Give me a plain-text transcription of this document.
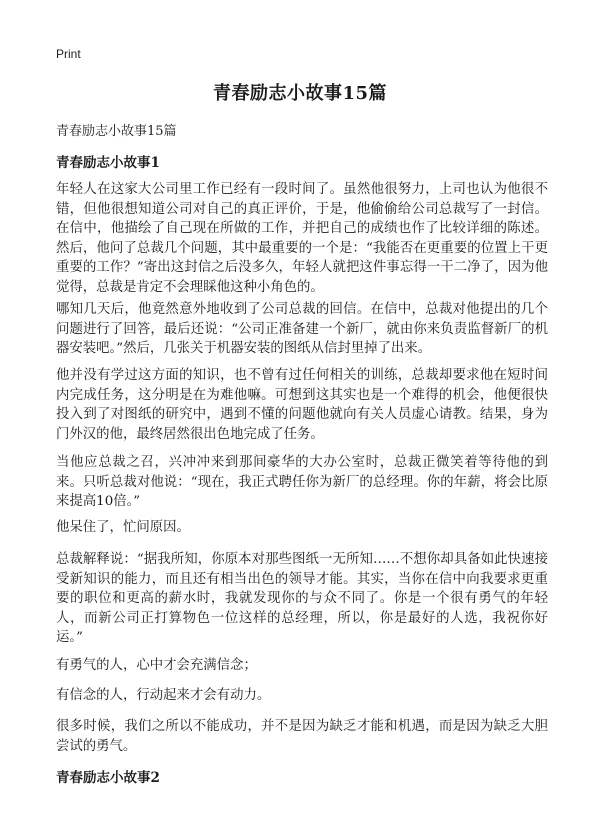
Print
青春励志小故事15篇

青春励志小故事15篇

青春励志小故事1

年轻人在这家大公司里工作已经有一段时间了。虽然他很努力，上司也认为他很不错，但他很想知道公司对自己的真正评价，于是，他偷偷给公司总裁写了一封信。在信中，他描绘了自己现在所做的工作，并把自己的成绩也作了比较详细的陈述。然后，他问了总裁几个问题，其中最重要的一个是：“我能否在更重要的位置上干更重要的工作？”寄出这封信之后没多久，年轻人就把这件事忘得一干二净了，因为他觉得，总裁是肯定不会理睬他这种小角色的。

哪知几天后，他竟然意外地收到了公司总裁的回信。在信中，总裁对他提出的几个问题进行了回答，最后还说：“公司正准备建一个新厂，就由你来负责监督新厂的机器安装吧。”然后，几张关于机器安装的图纸从信封里掉了出来。

他并没有学过这方面的知识，也不曾有过任何相关的训练，总裁却要求他在短时间内完成任务，这分明是在为难他嘛。可想到这其实也是一个难得的机会，他便很快投入到了对图纸的研究中，遇到不懂的问题他就向有关人员虚心请教。结果，身为门外汉的他，最终居然很出色地完成了任务。

当他应总裁之召，兴冲冲来到那间豪华的大办公室时，总裁正微笑着等待他的到来。只听总裁对他说：“现在，我正式聘任你为新厂的总经理。你的年薪，将会比原来提高10倍。”

他呆住了，忙问原因。

总裁解释说：“据我所知，你原本对那些图纸一无所知……不想你却具备如此快速接受新知识的能力，而且还有相当出色的领导才能。其实，当你在信中向我要求更重要的职位和更高的薪水时，我就发现你的与众不同了。你是一个很有勇气的年轻人，而新公司正打算物色一位这样的总经理，所以，你是最好的人选，我祝你好运。”

有勇气的人，心中才会充满信念；

有信念的人，行动起来才会有动力。

很多时候，我们之所以不能成功，并不是因为缺乏才能和机遇，而是因为缺乏大胆尝试的勇气。

青春励志小故事2
